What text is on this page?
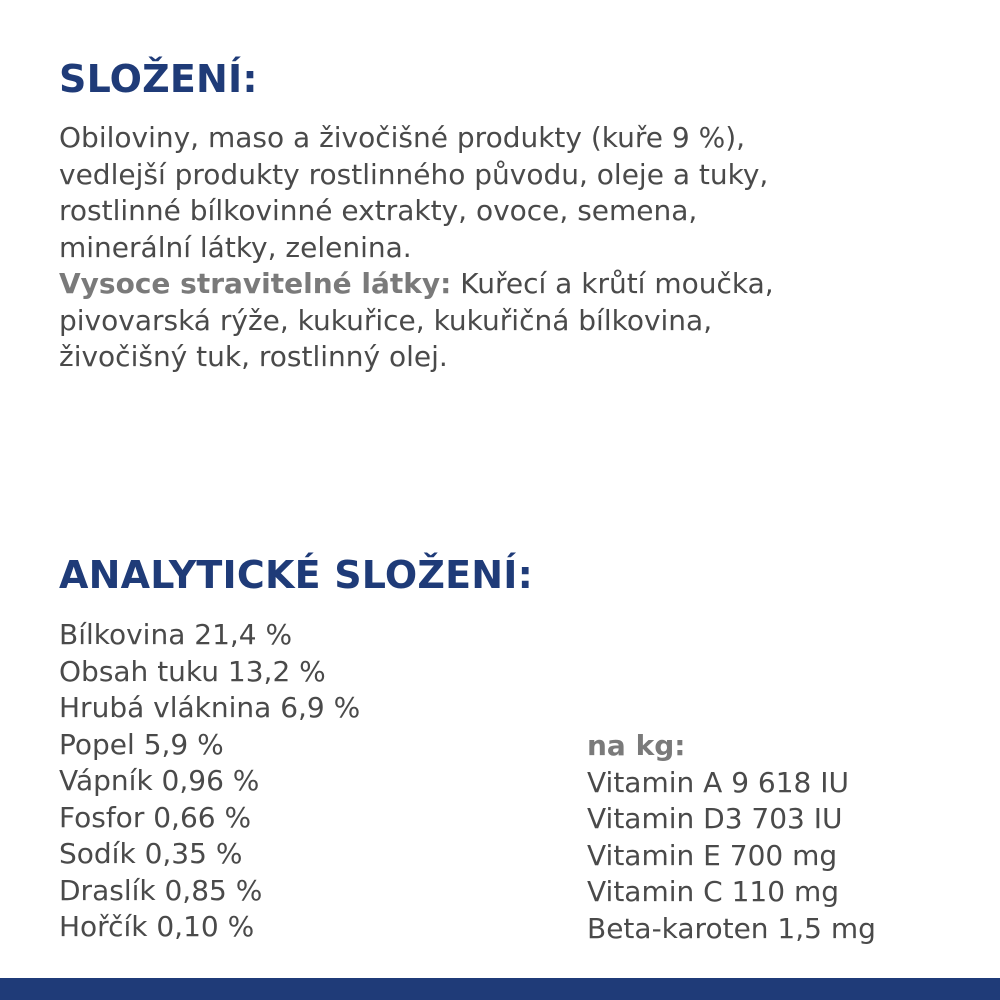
SLOŽENÍ:
Obiloviny, maso a živočišné produkty (kuře 9 %),
vedlejší produkty rostlinného původu, oleje a tuky,
rostlinné bílkovinné extrakty, ovoce, semena,
minerální látky, zelenina.
Vysoce stravitelné látky: Kuřecí a krůtí moučka,
pivovarská rýže, kukuřice, kukuřičná bílkovina,
živočišný tuk, rostlinný olej.
ANALYTICKÉ SLOŽENÍ:
Bílkovina 21,4 %
Obsah tuku 13,2 %
Hrubá vláknina 6,9 %
Popel 5,9 %
Vápník 0,96 %
Fosfor 0,66 %
Sodík 0,35 %
Draslík 0,85 %
Hořčík 0,10 %
na kg:
Vitamin A 9 618 IU
Vitamin D3 703 IU
Vitamin E 700 mg
Vitamin C 110 mg
Beta-karoten 1,5 mg
